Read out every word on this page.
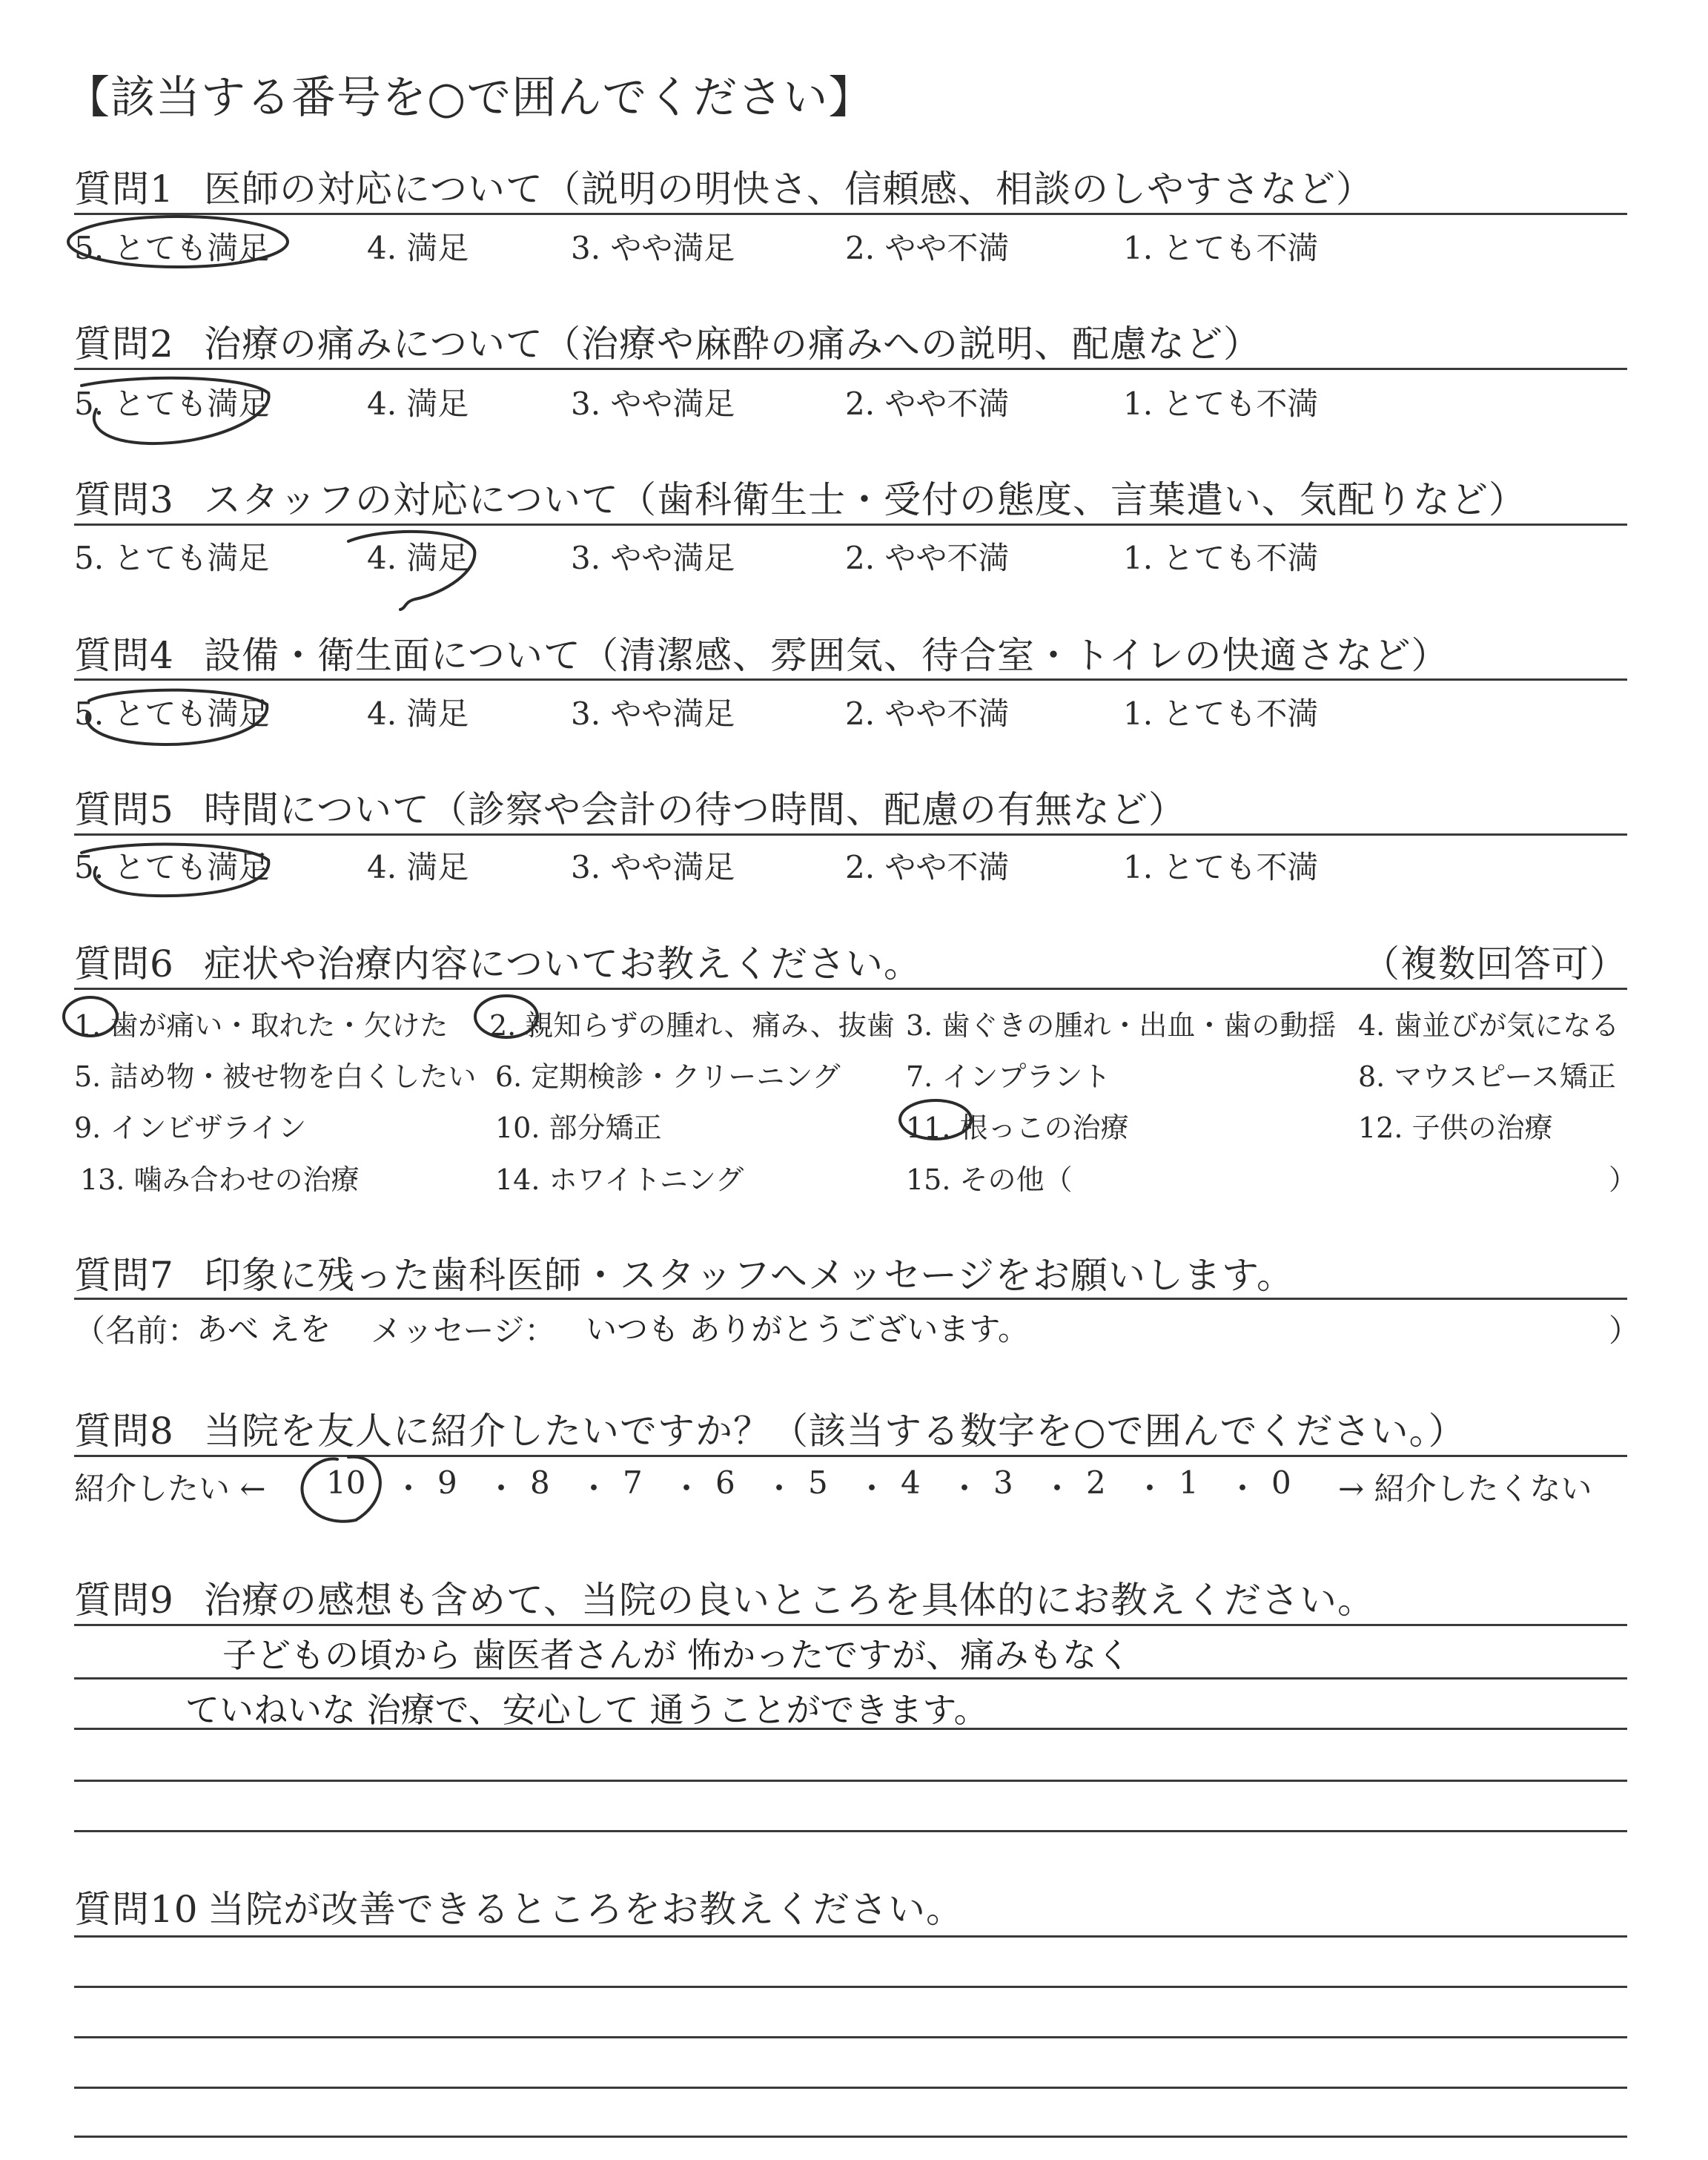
【該当する番号を○で囲んでください】
質問1 医師の対応について（説明の明快さ、信頼感、相談のしやすさなど）
5. とても満足	4. 満足	3. やや満足	2. やや不満	1. とても不満
質問2 治療の痛みについて（治療や麻酔の痛みへの説明、配慮など）
5. とても満足	4. 満足	3. やや満足	2. やや不満	1. とても不満
質問3 スタッフの対応について（歯科衛生士・受付の態度、言葉遣い、気配りなど）
5. とても満足	4. 満足	3. やや満足	2. やや不満	1. とても不満
質問4 設備・衛生面について（清潔感、雰囲気、待合室・トイレの快適さなど）
5. とても満足	4. 満足	3. やや満足	2. やや不満	1. とても不満
質問5 時間について（診察や会計の待つ時間、配慮の有無など）
5. とても満足	4. 満足	3. やや満足	2. やや不満	1. とても不満
質問6 症状や治療内容についてお教えください。	（複数回答可）
1. 歯が痛い・取れた・欠けた 2. 親知らずの腫れ、痛み、抜歯 3. 歯ぐきの腫れ・出血・歯の動揺 4. 歯並びが気になる
5. 詰め物・被せ物を白くしたい 6. 定期検診・クリーニング 7. インプラント	8. マウスピース矯正
9. インビザライン	10. 部分矯正	11. 根っこの治療	12. 子供の治療
13. 噛み合わせの治療	14. ホワイトニング	15. その他（	）
質問7 印象に残った歯科医師・スタッフへメッセージをお願いします。
（名前：
あべ えを メッセージ： いつも ありがとうございます。	）
質問8 当院を友人に紹介したいですか？（該当する数字を○で囲んでください。）
紹介したい ← 10 ・ 9 ・ 8 ・ 7 ・ 6 ・ 5 ・ 4 ・ 3 ・ 2 ・ 1 ・ 0 → 紹介したくない
質問9 治療の感想も含めて、当院の良いところを具体的にお教えください。
子どもの頃から 歯医者さんが 怖かったですが、痛みもなく
ていねいな 治療で、安心して 通うことができます。
質問10 当院が改善できるところをお教えください。
